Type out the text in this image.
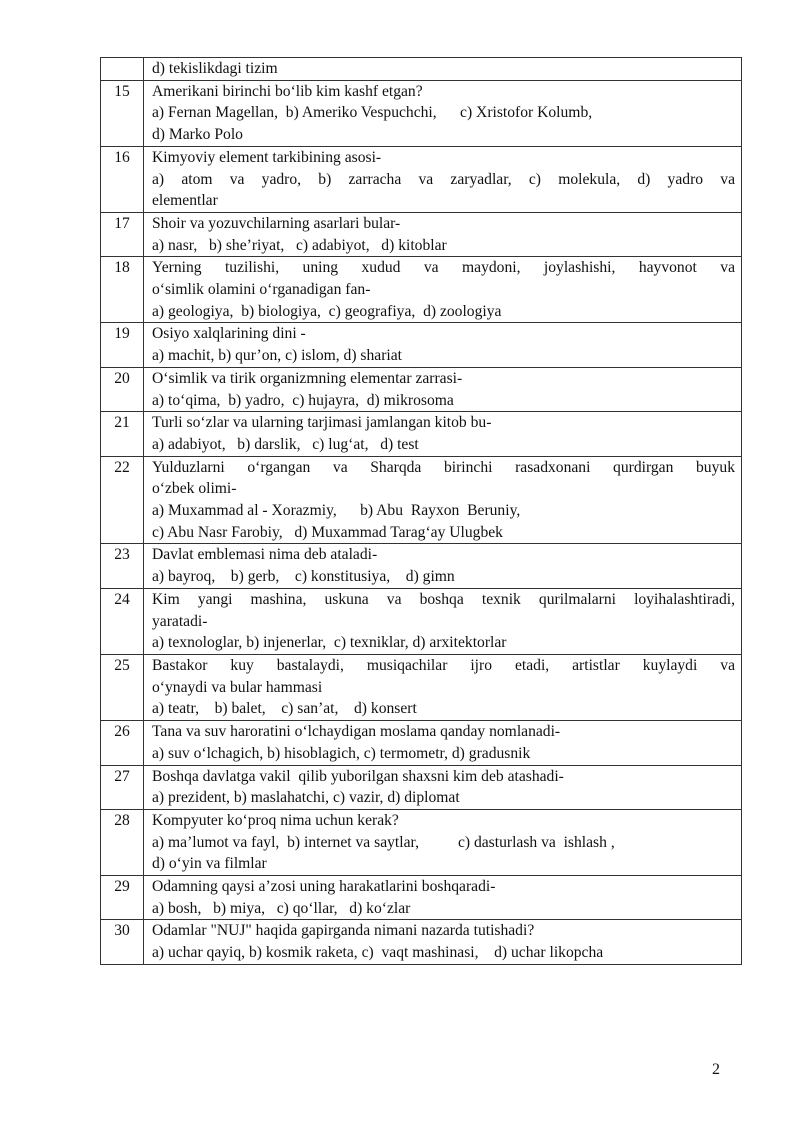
	d) tekislikdagi tizim

15	Amerikani birinchi bo‘lib kim kashf etgan?
a) Fernan Magellan,  b) Ameriko Vespuchchi,      c) Xristofor Kolumb,
d) Marko Polo

16	Kimyoviy element tarkibining asosi-
a) atom va yadro, b) zarracha va zaryadlar, c) molekula, d) yadro va
elementlar

17	Shoir va yozuvchilarning asarlari bular-
a) nasr,   b) she’riyat,   c) adabiyot,   d) kitoblar

18	Yerning tuzilishi, uning xudud va maydoni, joylashishi, hayvonot va
o‘simlik olamini o‘rganadigan fan-
a) geologiya,  b) biologiya,  c) geografiya,  d) zoologiya

19	Osiyo xalqlarining dini -
a) machit, b) qur’on, c) islom, d) shariat

20	O‘simlik va tirik organizmning elementar zarrasi-
a) to‘qima,  b) yadro,  c) hujayra,  d) mikrosoma

21	Turli so‘zlar va ularning tarjimasi jamlangan kitob bu-
a) adabiyot,   b) darslik,   c) lug‘at,   d) test

22	Yulduzlarni o‘rgangan va Sharqda birinchi rasadxonani qurdirgan buyuk
o‘zbek olimi-
a) Muxammad al - Xorazmiy,      b) Abu  Rayxon  Beruniy,
c) Abu Nasr Farobiy,   d) Muxammad Tarag‘ay Ulugbek

23	Davlat emblemasi nima deb ataladi-
a) bayroq,    b) gerb,    c) konstitusiya,    d) gimn

24	Kim yangi mashina, uskuna va boshqa texnik qurilmalarni loyihalashtiradi,
yaratadi-
a) texnologlar, b) injenerlar,  c) texniklar, d) arxitektorlar

25	Bastakor kuy bastalaydi, musiqachilar ijro etadi, artistlar kuylaydi va
o‘ynaydi va bular hammasi
a) teatr,    b) balet,    c) san’at,    d) konsert

26	Tana va suv haroratini o‘lchaydigan moslama qanday nomlanadi-
a) suv o‘lchagich, b) hisoblagich, c) termometr, d) gradusnik

27	Boshqa davlatga vakil  qilib yuborilgan shaxsni kim deb atashadi-
a) prezident, b) maslahatchi, c) vazir, d) diplomat

28	Kompyuter ko‘proq nima uchun kerak?
a) ma’lumot va fayl,  b) internet va saytlar,          c) dasturlash va  ishlash ,
d) o‘yin va filmlar

29	Odamning qaysi a’zosi uning harakatlarini boshqaradi-
a) bosh,   b) miya,   c) qo‘llar,   d) ko‘zlar

30	Odamlar "NUJ" haqida gapirganda nimani nazarda tutishadi?
a) uchar qayiq, b) kosmik raketa, c)  vaqt mashinasi,    d) uchar likopcha
2
